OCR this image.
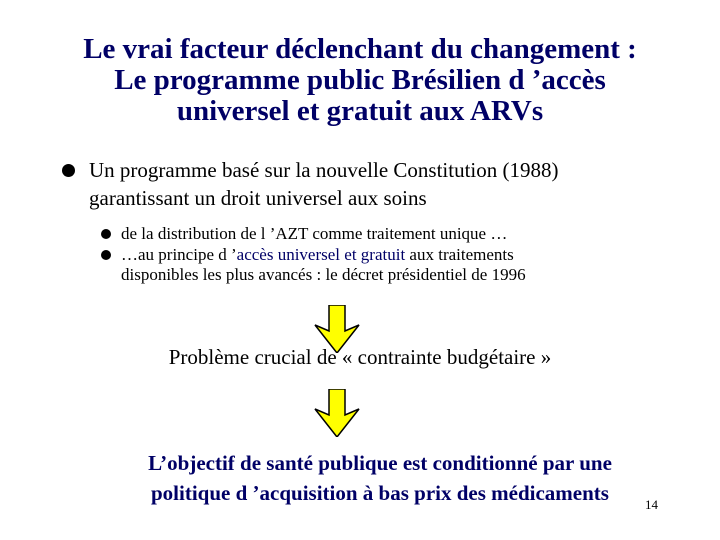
Le vrai facteur déclenchant du changement :
Le programme public Brésilien d ’accès
universel et gratuit aux ARVs
Un programme basé sur la nouvelle Constitution (1988)
garantissant un droit universel aux soins
de la distribution de l ’AZT comme traitement unique …
…au principe d ’accès universel et gratuit aux traitements
disponibles les plus avancés : le décret présidentiel de 1996
Problème crucial de « contrainte budgétaire »
L’objectif de santé publique est conditionné par une
politique d ’acquisition à bas prix des médicaments	14
